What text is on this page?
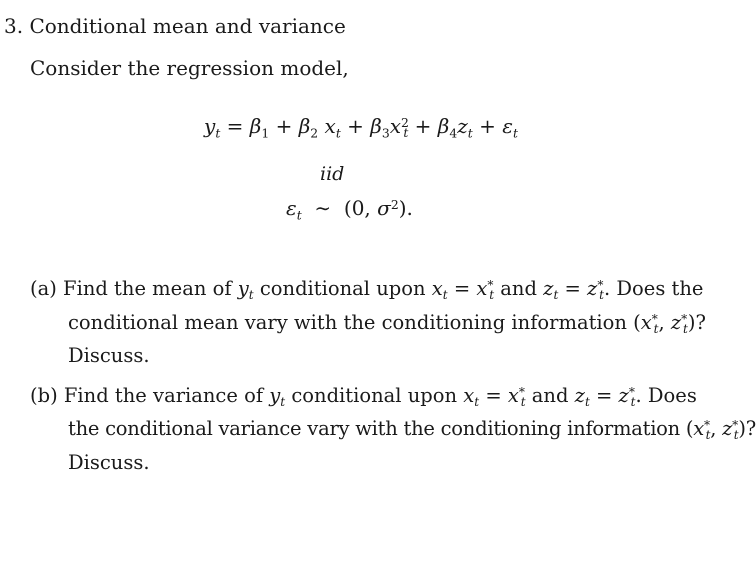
3. Conditional mean and variance
Consider the regression model,
$y_t = \beta_1 + \beta_2$ $x_t + \beta_3x^2_t + \beta_4z_t + \varepsilon_t$
iid
$\varepsilon_t$  ∼  (0, $\sigma^2$).
(a) Find the mean of $y_t$ conditional upon $x_t = x^*_t$ and $z_t = z^*_t$. Does the
conditional mean vary with the conditioning information ($x^*_t$, $z^*_t$)?
Discuss.
(b) Find the variance of $y_t$ conditional upon $x_t = x^*_t$ and $z_t = z^*_t$. Does
the conditional variance vary with the conditioning information ($x^*_t$, $z^*_t$)?
Discuss.
